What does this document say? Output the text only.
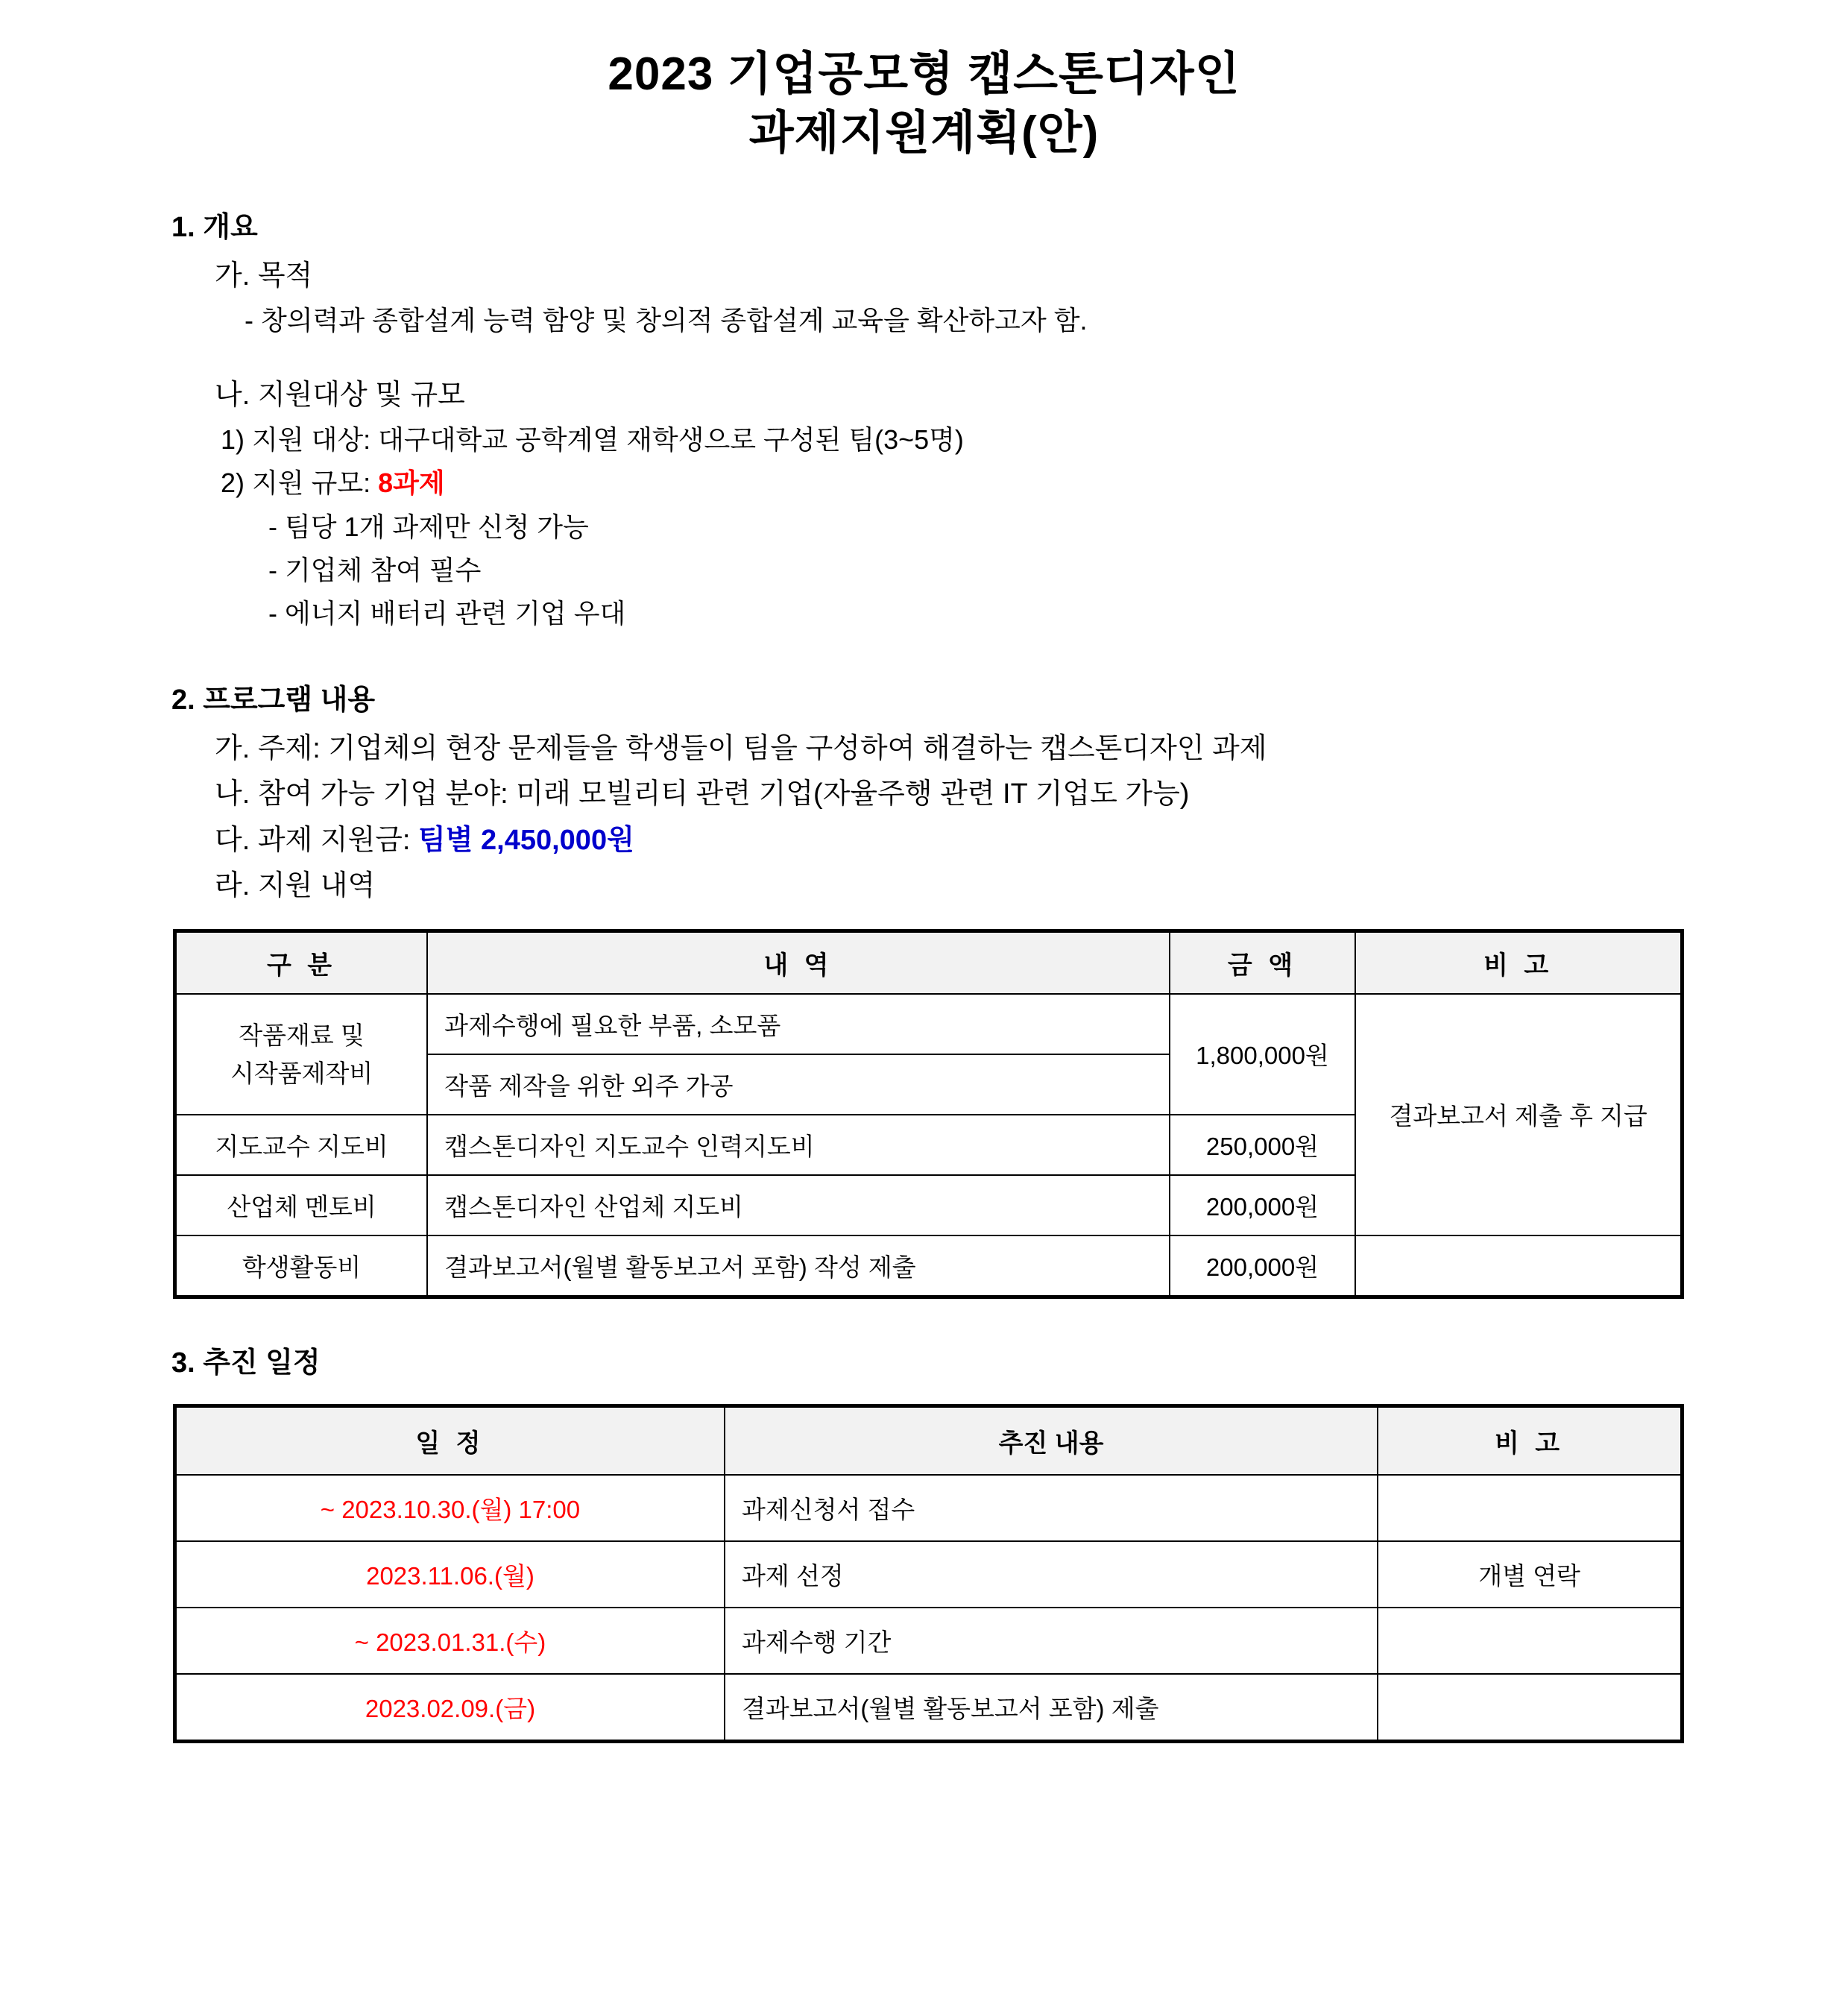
2023 기업공모형 캡스톤디자인
과제지원계획(안)
1. 개요
가. 목적
- 창의력과 종합설계 능력 함양 및 창의적 종합설계 교육을 확산하고자 함.
나. 지원대상 및 규모
1) 지원 대상: 대구대학교 공학계열 재학생으로 구성된 팀(3~5명)
2) 지원 규모: 8과제
- 팀당 1개 과제만 신청 가능
- 기업체 참여 필수
- 에너지 배터리 관련 기업 우대
2. 프로그램 내용
가. 주제: 기업체의 현장 문제들을 학생들이 팀을 구성하여 해결하는 캡스톤디자인 과제
나. 참여 가능 기업 분야: 미래 모빌리티 관련 기업(자율주행 관련 IT 기업도 가능)
다. 과제 지원금: 팀별 2,450,000원
라. 지원 내역
구 분	내 역	금 액	비 고
작품재료 및
시작품제작비	과제수행에 필요한 부품, 소모품	1,800,000원	결과보고서 제출 후 지급
	작품 제작을 위한 외주 가공		
지도교수 지도비	캡스톤디자인 지도교수 인력지도비	250,000원	
산업체 멘토비	캡스톤디자인 산업체 지도비	200,000원	
학생활동비	결과보고서(월별 활동보고서 포함) 작성 제출	200,000원	
3. 추진 일정
일 정	추진 내용	비 고
~ 2023.10.30.(월) 17:00	과제신청서 접수	
2023.11.06.(월)	과제 선정	개별 연락
~ 2023.01.31.(수)	과제수행 기간	
2023.02.09.(금)	결과보고서(월별 활동보고서 포함) 제출	
